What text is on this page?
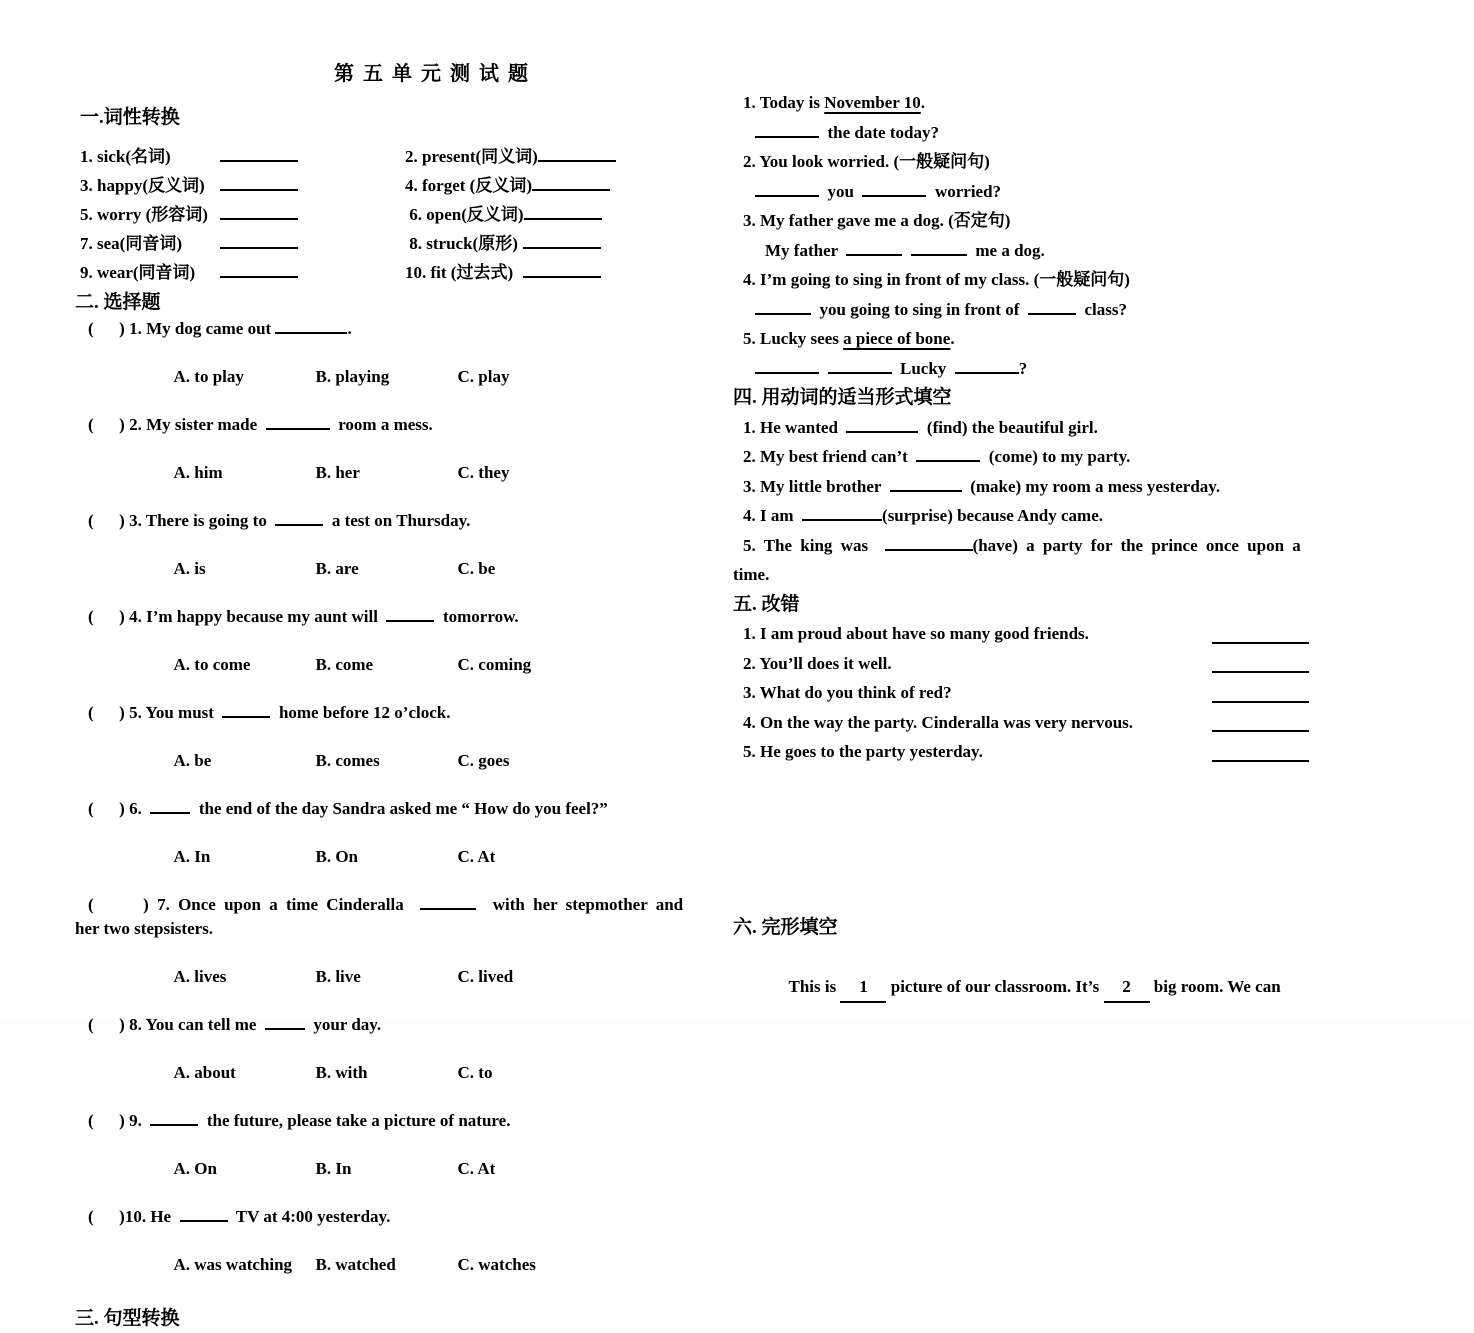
第 五 单 元 测 试 题
一.词性转换
1. sick(名词)	2. present(同义词)
3. happy(反义词)	4. forget (反义词)
5. worry (形容词)	6. open(反义词)
7. sea(同音词)	8. struck(原形)
9. wear(同音词)	10. fit (过去式)
二. 选择题
(      ) 1. My dog came out	.

A. to play	B. playing	C. play

(      ) 2. My sister made	room a mess.

A. him	B. her	C. they

(      ) 3. There is going to	a test on Thursday.

A. is	B. are	C. be

(      ) 4. I’m happy because my aunt will	tomorrow.

A. to come	B. come	C. coming

(      ) 5. You must	home before 12 o’clock.

A. be	B. comes	C. goes

(      ) 6.    the end of the day Sandra asked me “ How do you feel?”

A. In	B. On	C. At

(      ) 7. Once upon a time Cinderalla	with her stepmother and
her two stepsisters.

A. lives	B. live	C. lived

(      ) 8. You can tell me    your day.

A. about	B. with	C. to

(      ) 9.	the future, please take a picture of nature.

A. On	B. In	C. At

(      )10. He	TV at 4:00 yesterday.

A. was watching B. watched	C. watches

三. 句型转换
1. Today is November 10.
the date today?
2. You look worried. (一般疑问句)
you	worried?
3. My father gave me a dog. (否定句)
My father	me a dog.
4. I’m going to sing in front of my class. (一般疑问句)
you going to sing in front of	class?
5. Lucky sees a piece of bone.
Lucky	?
四. 用动词的适当形式填空
1. He wanted	(find) the beautiful girl.
2. My best friend can’t	(come) to my party.
3. My little brother	(make) my room a mess yesterday.
4. I am	(surprise) because Andy came.
5. The king was	(have) a party for the prince once upon a
time.
五. 改错
1. I am proud about have so many good friends.
2. You’ll does it well.
3. What do you think of red?
4. On the way the party. Cinderalla was very nervous.
5. He goes to the party yesterday.
六. 完形填空

This is 1 picture of our classroom. It’s 2 big room. We can
